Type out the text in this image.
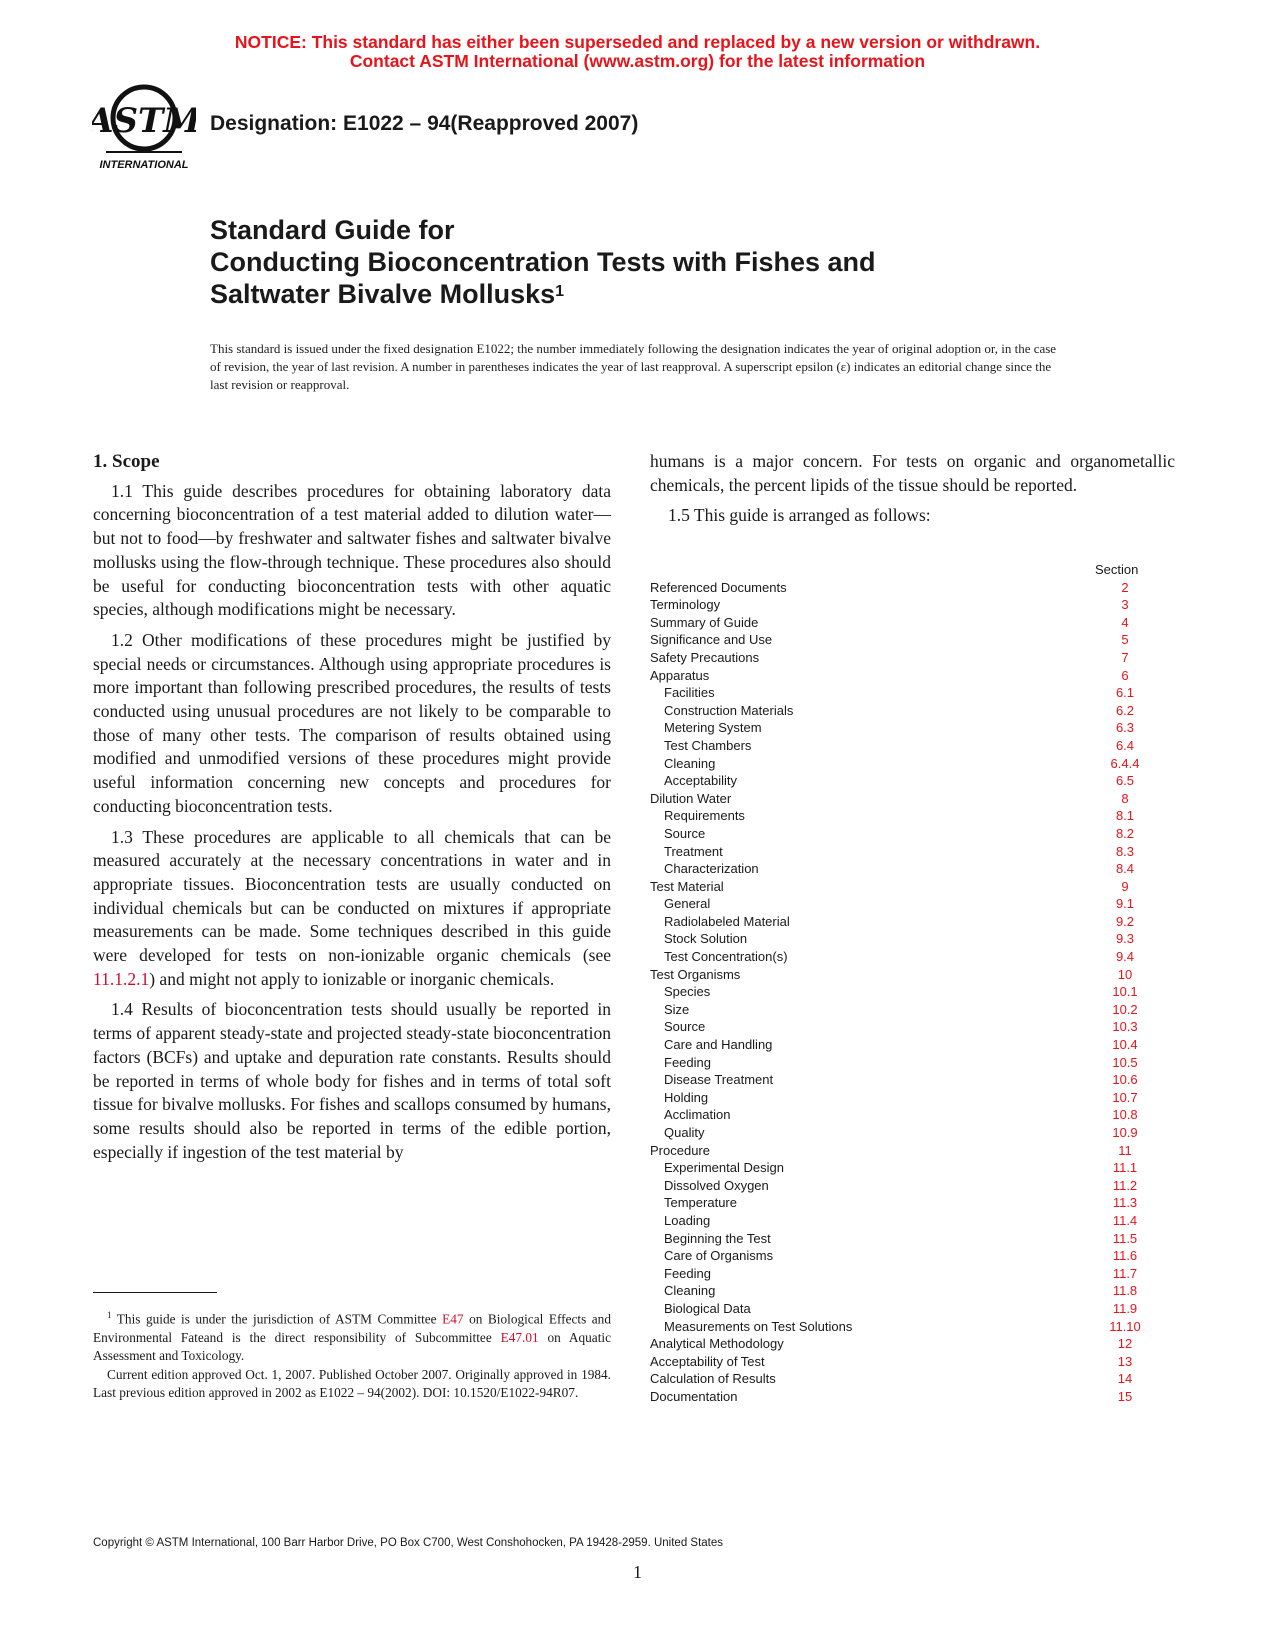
NOTICE: This standard has either been superseded and replaced by a new version or withdrawn.
Contact ASTM International (www.astm.org) for the latest information
ASTM
INTERNATIONAL
Designation: E1022 – 94(Reapproved 2007)
Standard Guide for
Conducting Bioconcentration Tests with Fishes and
Saltwater Bivalve Mollusks$^1$
This standard is issued under the fixed designation E1022; the number immediately following the designation indicates the year of original adoption or, in the case of revision, the year of last revision. A number in parentheses indicates the year of last reapproval. A superscript epsilon (ε) indicates an editorial change since the last revision or reapproval.
1. Scope

1.1 This guide describes procedures for obtaining laboratory data concerning bioconcentration of a test material added to dilution water—but not to food—by freshwater and saltwater fishes and saltwater bivalve mollusks using the flow-through technique. These procedures also should be useful for conducting bioconcentration tests with other aquatic species, although modifications might be necessary.

1.2 Other modifications of these procedures might be justified by special needs or circumstances. Although using appropriate procedures is more important than following prescribed procedures, the results of tests conducted using unusual procedures are not likely to be comparable to those of many other tests. The comparison of results obtained using modified and unmodified versions of these procedures might provide useful information concerning new concepts and procedures for conducting bioconcentration tests.

1.3 These procedures are applicable to all chemicals that can be measured accurately at the necessary concentrations in water and in appropriate tissues. Bioconcentration tests are usually conducted on individual chemicals but can be conducted on mixtures if appropriate measurements can be made. Some techniques described in this guide were developed for tests on non-ionizable organic chemicals (see 11.1.2.1) and might not apply to ionizable or inorganic chemicals.

1.4 Results of bioconcentration tests should usually be reported in terms of apparent steady-state and projected steady-state bioconcentration factors (BCFs) and uptake and depuration rate constants. Results should be reported in terms of whole body for fishes and in terms of total soft tissue for bivalve mollusks. For fishes and scallops consumed by humans, some results should also be reported in terms of the edible portion, especially if ingestion of the test material by

$^1$ This guide is under the jurisdiction of ASTM Committee E47 on Biological Effects and Environmental Fateand is the direct responsibility of Subcommittee E47.01 on Aquatic Assessment and Toxicology.

Current edition approved Oct. 1, 2007. Published October 2007. Originally approved in 1984. Last previous edition approved in 2002 as E1022 – 94(2002). DOI: 10.1520/E1022-94R07.

humans is a major concern. For tests on organic and organometallic chemicals, the percent lipids of the tissue should be reported.

1.5 This guide is arranged as follows:

Section
Referenced Documents	2
Terminology	3
Summary of Guide	4
Significance and Use	5
Safety Precautions	7
Apparatus	6
Facilities	6.1
Construction Materials	6.2
Metering System	6.3
Test Chambers	6.4
Cleaning	6.4.4
Acceptability	6.5
Dilution Water	8
Requirements	8.1
Source	8.2
Treatment	8.3
Characterization	8.4
Test Material	9
General	9.1
Radiolabeled Material	9.2
Stock Solution	9.3
Test Concentration(s)	9.4
Test Organisms	10
Species	10.1
Size	10.2
Source	10.3
Care and Handling	10.4
Feeding	10.5
Disease Treatment	10.6
Holding	10.7
Acclimation	10.8
Quality	10.9
Procedure	11
Experimental Design	11.1
Dissolved Oxygen	11.2
Temperature	11.3
Loading	11.4
Beginning the Test	11.5
Care of Organisms	11.6
Feeding	11.7
Cleaning	11.8
Biological Data	11.9
Measurements on Test Solutions	11.10
Analytical Methodology	12
Acceptability of Test	13
Calculation of Results	14
Documentation	15
Copyright © ASTM International, 100 Barr Harbor Drive, PO Box C700, West Conshohocken, PA 19428-2959. United States
1
